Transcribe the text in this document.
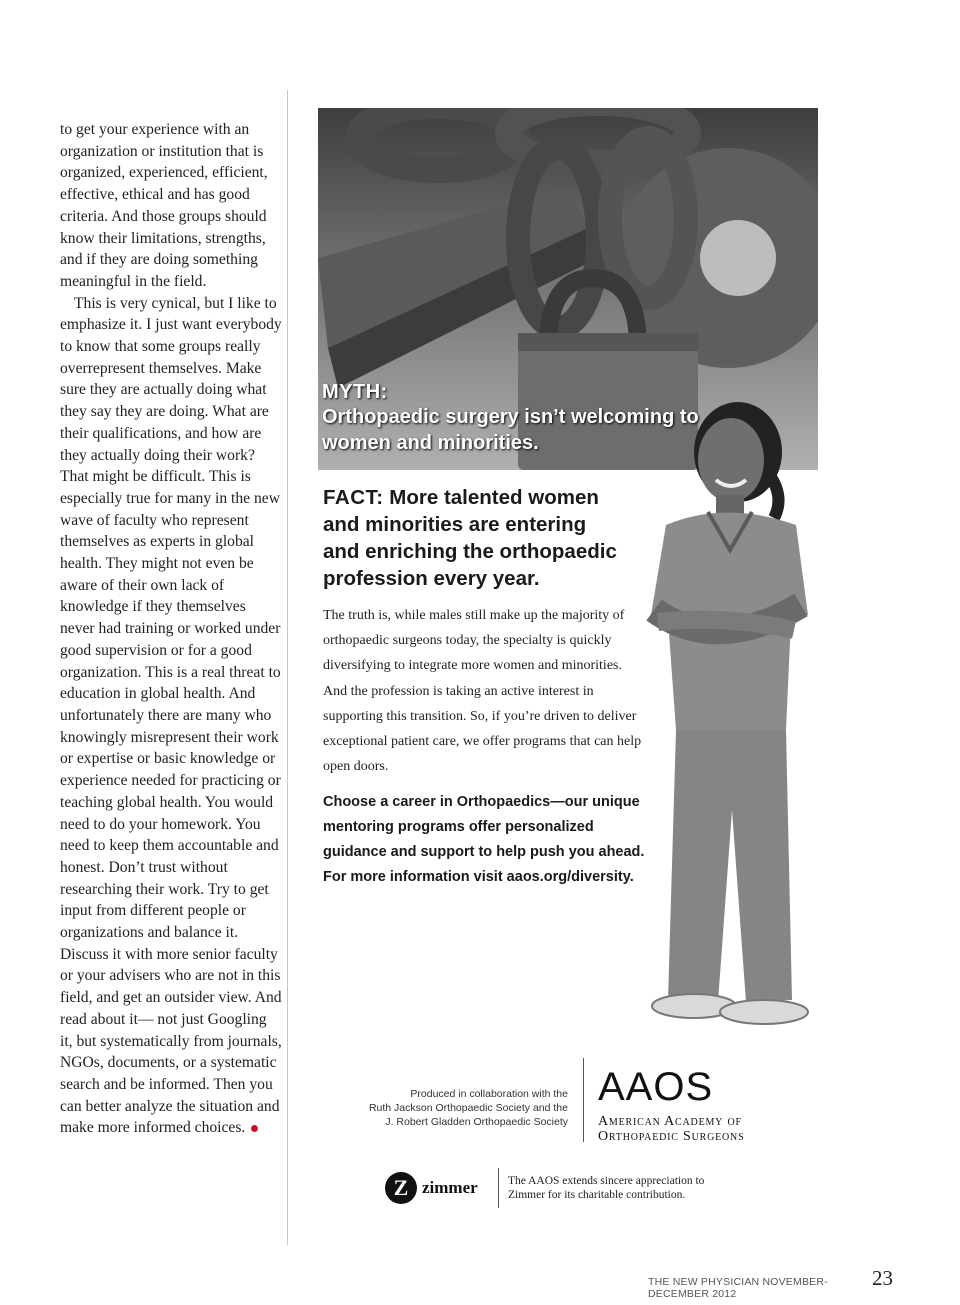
to get your experience with an organization or institution that is organized, experienced, efficient, effective, ethical and has good criteria. And those groups should know their limitations, strengths, and if they are doing something meaningful in the field.

This is very cynical, but I like to emphasize it. I just want everybody to know that some groups really overrepresent themselves. Make sure they are actually doing what they say they are doing. What are their qualifications, and how are they actually doing their work? That might be difficult. This is especially true for many in the new wave of faculty who represent themselves as experts in global health. They might not even be aware of their own lack of knowledge if they themselves never had training or worked under good supervision or for a good organization. This is a real threat to education in global health. And unfortunately there are many who knowingly misrepresent their work or expertise or basic knowledge or experience needed for practicing or teaching global health. You would need to do your homework. You need to keep them accountable and honest. Don’t trust without researching their work. Try to get input from different people or organizations and balance it. Discuss it with more senior faculty or your advisers who are not in this field, and get an outsider view. And read about it— not just Googling it, but systematically from journals, NGOs, documents, or a systematic search and be informed. Then you can better analyze the situation and make more informed choices.

MYTH:
Orthopaedic surgery isn’t welcoming to women and minorities.
FACT: More talented women and minorities are entering and enriching the orthopaedic profession every year.
The truth is, while males still make up the majority of orthopaedic surgeons today, the specialty is quickly diversifying to integrate more women and minorities. And the profession is taking an active interest in supporting this transition. So, if you’re driven to deliver exceptional patient care, we offer programs that can help open doors.
Choose a career in Orthopaedics—our unique mentoring programs offer personalized guidance and support to help push you ahead. For more information visit aaos.org/diversity.
Produced in collaboration with the
Ruth Jackson Orthopaedic Society and the
J. Robert Gladden Orthopaedic Society
AAOS
American Academy of
Orthopaedic Surgeons
Z zimmer	The AAOS extends sincere appreciation to Zimmer for its charitable contribution.
THE NEW PHYSICIAN NOVEMBER-DECEMBER 2012
23
